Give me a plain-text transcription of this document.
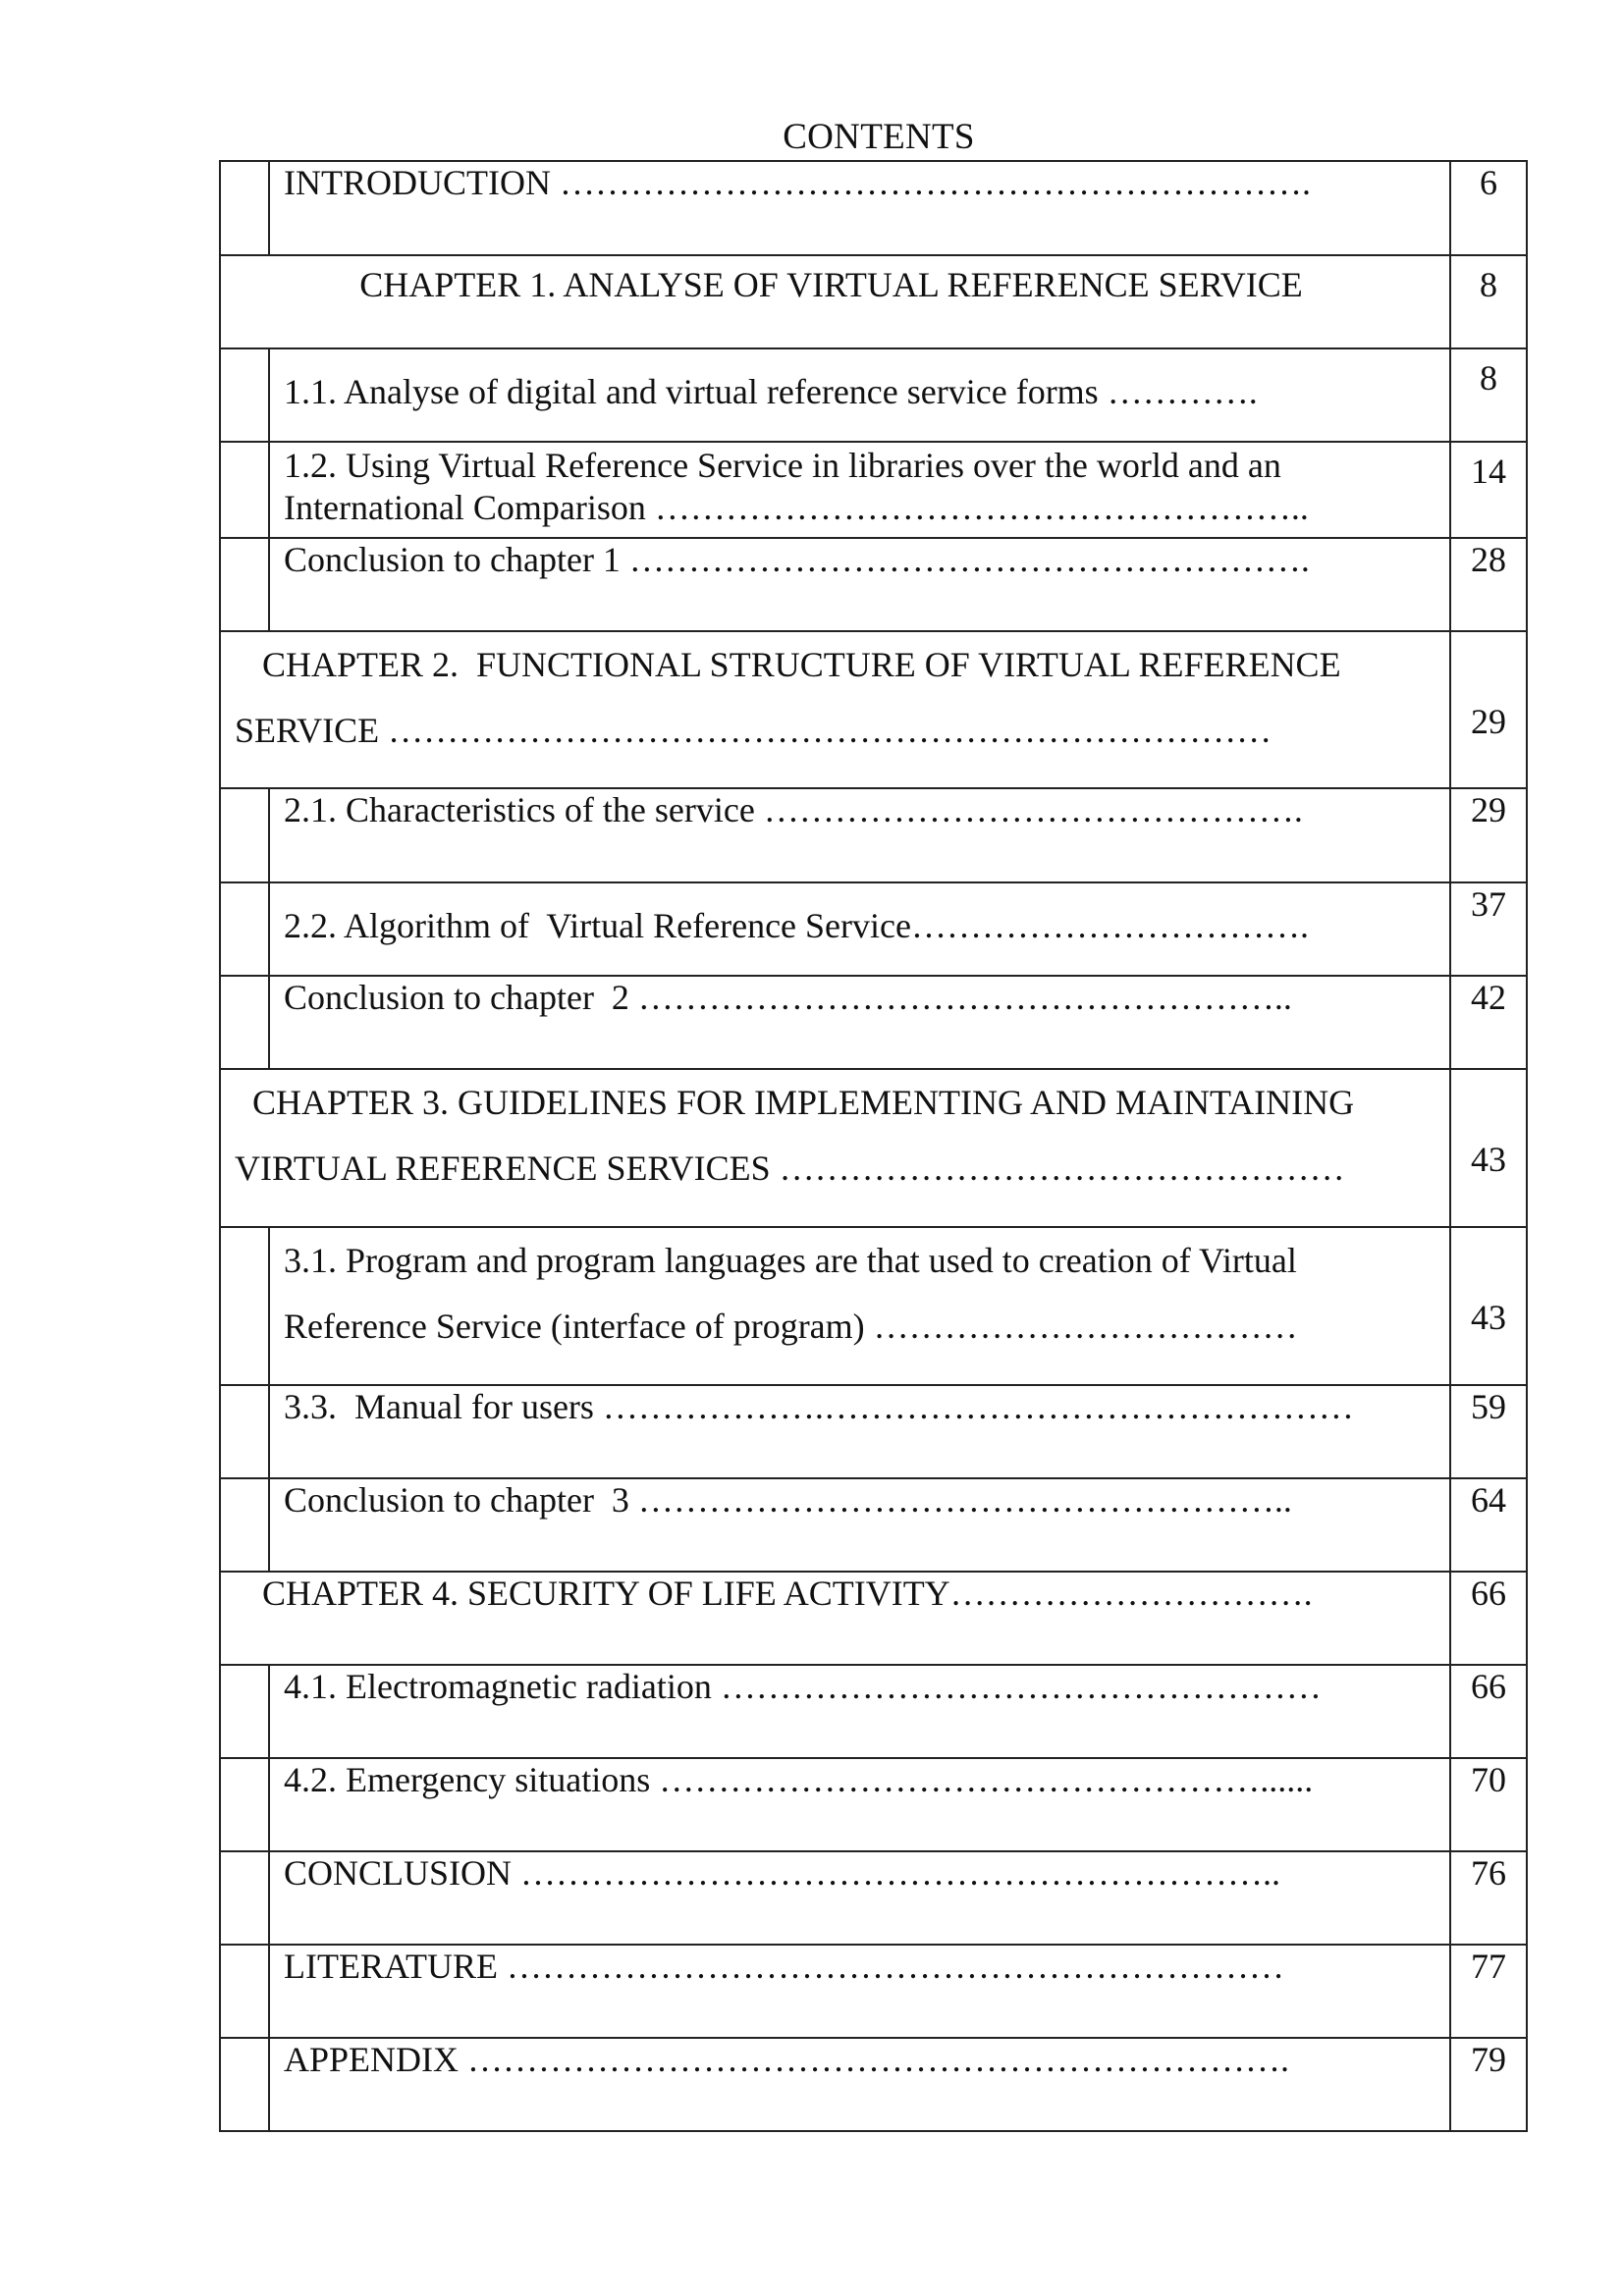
CONTENTS

	INTRODUCTION ……………………………………………………….	6

CHAPTER 1. ANALYSE OF VIRTUAL REFERENCE SERVICE		8

	1.1. Analyse of digital and virtual reference service forms ………….	8

	1.2. Using Virtual Reference Service in libraries over the world and an International Comparison ………………………………………………..	14

	Conclusion to chapter 1 ………………………………………………….	28

CHAPTER 2.  FUNCTIONAL STRUCTURE OF VIRTUAL REFERENCE SERVICE …………………………………………………………………		29

	2.1. Characteristics of the service ……………………………………….	29

	2.2. Algorithm of  Virtual Reference Service…………………………….	37

	Conclusion to chapter  2 ………………………………………………..	42

CHAPTER 3. GUIDELINES FOR IMPLEMENTING AND MAINTAINING VIRTUAL REFERENCE SERVICES …………………………………………		43

	3.1. Program and program languages are that used to creation of Virtual Reference Service (interface of program) ………………………………	43

	3.3.  Manual for users ……………….………………………………………	59

	Conclusion to chapter  3 ………………………………………………..	64

CHAPTER 4. SECURITY OF LIFE ACTIVITY………………………….		66

	4.1. Electromagnetic radiation ……………………………………………	66

	4.2. Emergency situations ……………………………………………......	70

	CONCLUSION ………………………………………………………..	76

	LITERATURE …………………………………………………………	77

	APPENDIX …………………………………………………………….	79
